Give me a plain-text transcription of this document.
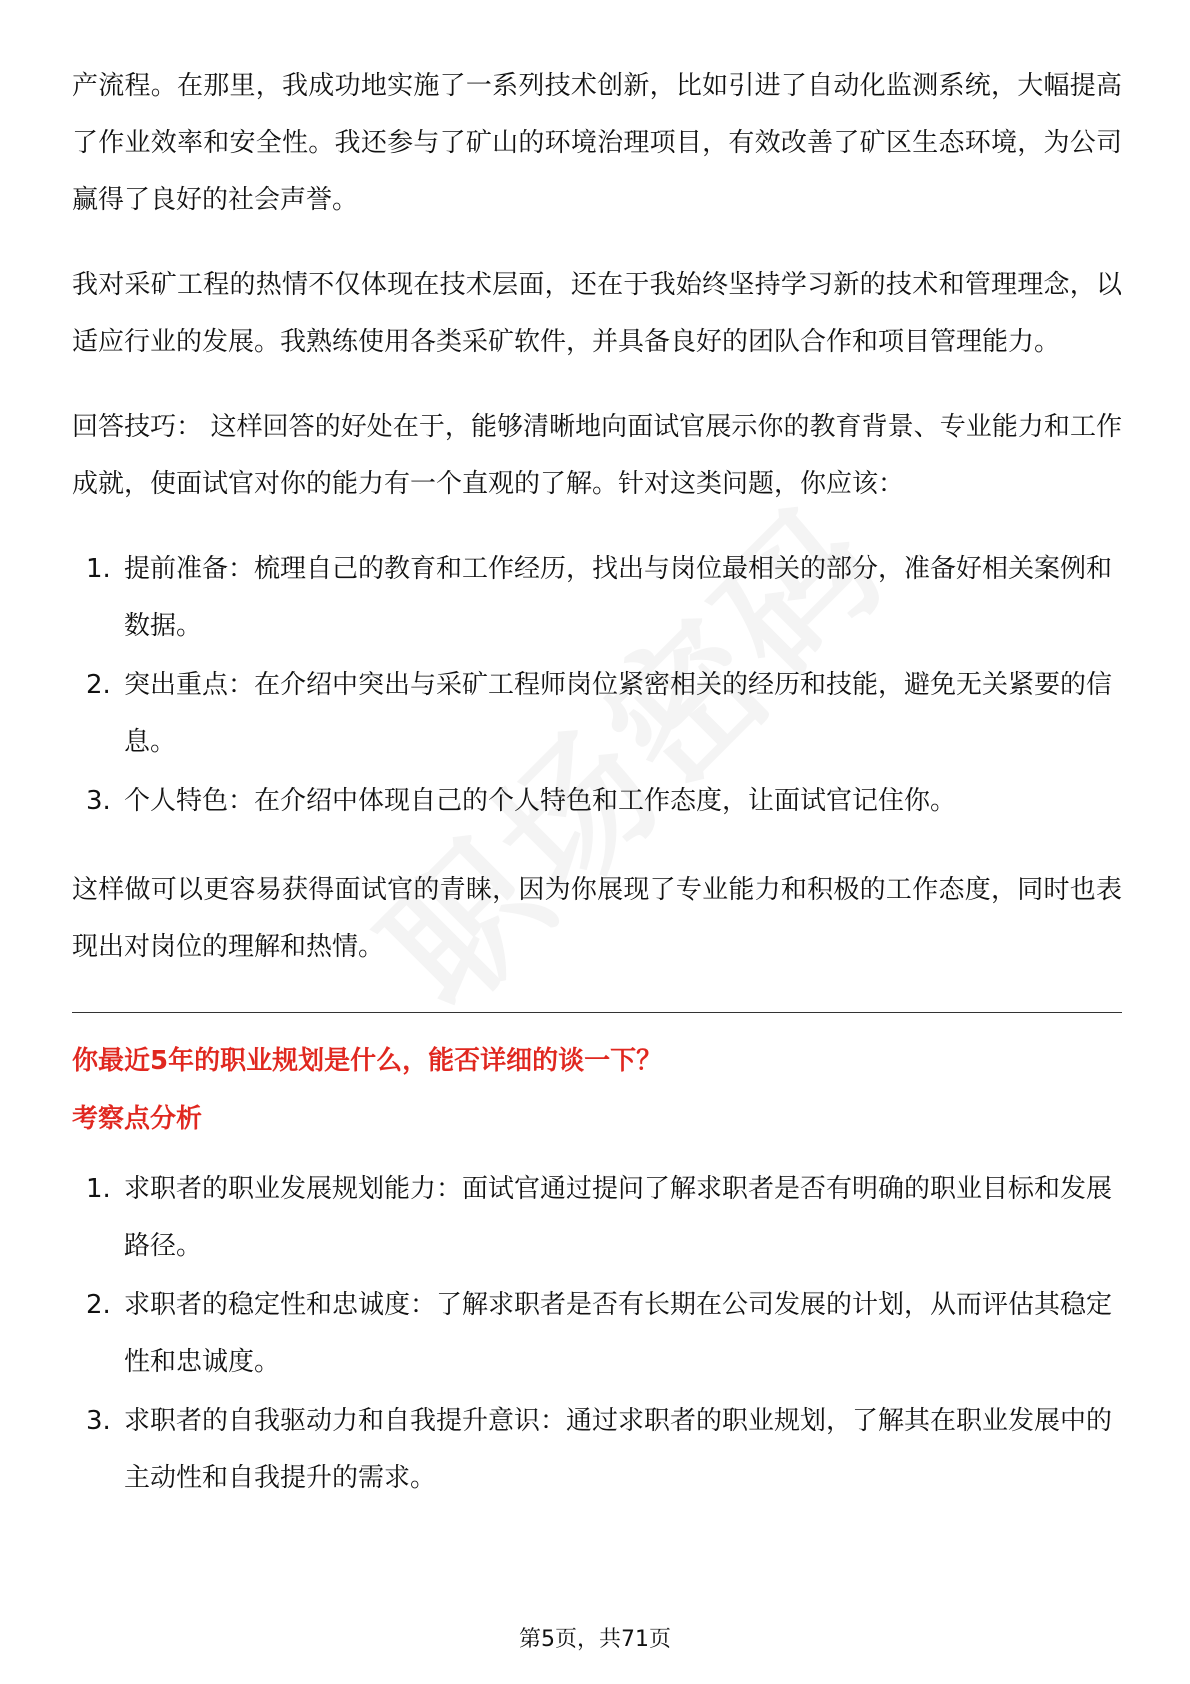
产流程。在那里，我成功地实施了一系列技术创新，比如引进了自动化监测系统，大幅提高了作业效率和安全性。我还参与了矿山的环境治理项目，有效改善了矿区生态环境，为公司赢得了良好的社会声誉。

我对采矿工程的热情不仅体现在技术层面，还在于我始终坚持学习新的技术和管理理念，以适应行业的发展。我熟练使用各类采矿软件，并具备良好的团队合作和项目管理能力。

回答技巧： 这样回答的好处在于，能够清晰地向面试官展示你的教育背景、专业能力和工作成就，使面试官对你的能力有一个直观的了解。针对这类问题，你应该：

1. 提前准备：梳理自己的教育和工作经历，找出与岗位最相关的部分，准备好相关案例和数据。
2. 突出重点：在介绍中突出与采矿工程师岗位紧密相关的经历和技能，避免无关紧要的信息。
3. 个人特色：在介绍中体现自己的个人特色和工作态度，让面试官记住你。

这样做可以更容易获得面试官的青睐，因为你展现了专业能力和积极的工作态度，同时也表现出对岗位的理解和热情。

你最近5年的职业规划是什么，能否详细的谈一下？
考察点分析
1. 求职者的职业发展规划能力：面试官通过提问了解求职者是否有明确的职业目标和发展路径。
2. 求职者的稳定性和忠诚度：了解求职者是否有长期在公司发展的计划，从而评估其稳定性和忠诚度。
3. 求职者的自我驱动力和自我提升意识：通过求职者的职业规划，了解其在职业发展中的主动性和自我提升的需求。
第5页，共71页
